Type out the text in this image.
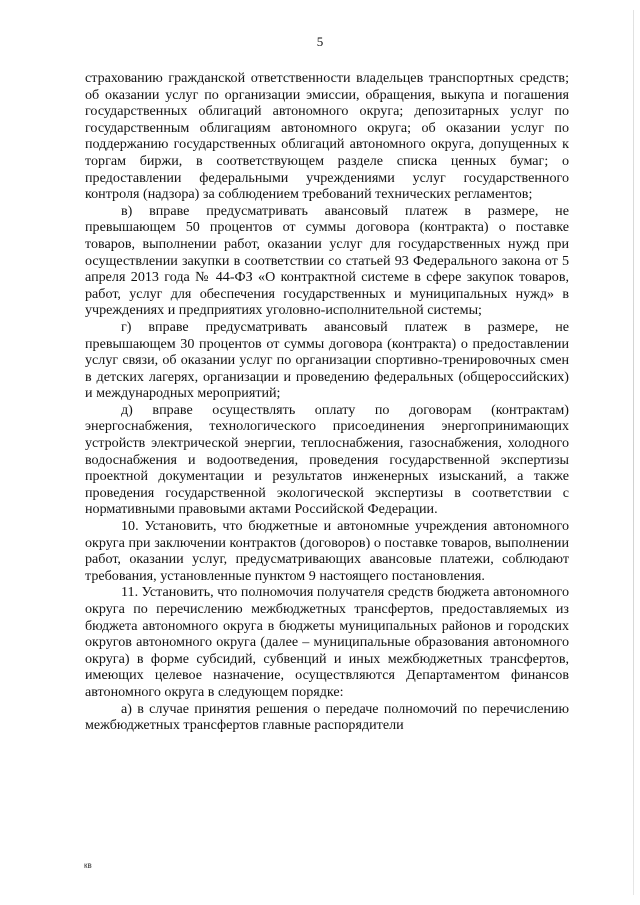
5

страхованию гражданской ответственности владельцев транспортных средств; об оказании услуг по организации эмиссии, обращения, выкупа и погашения государственных облигаций автономного округа; депозитарных услуг по государственным облигациям автономного округа; об оказании услуг по поддержанию государственных облигаций автономного округа, допущенных к торгам биржи, в соответствующем разделе списка ценных бумаг; о предоставлении федеральными учреждениями услуг государственного контроля (надзора) за соблюдением требований технических регламентов;

в) вправе предусматривать авансовый платеж в размере, не превышающем 50 процентов от суммы договора (контракта) о поставке товаров, выполнении работ, оказании услуг для государственных нужд при осуществлении закупки в соответствии со статьей 93 Федерального закона от 5 апреля 2013 года № 44-ФЗ «О контрактной системе в сфере закупок товаров, работ, услуг для обеспечения государственных и муниципальных нужд» в учреждениях и предприятиях уголовно-исполнительной системы;

г) вправе предусматривать авансовый платеж в размере, не превышающем 30 процентов от суммы договора (контракта) о предоставлении услуг связи, об оказании услуг по организации спортивно-тренировочных смен в детских лагерях, организации и проведению федеральных (общероссийских) и международных мероприятий;

д) вправе осуществлять оплату по договорам (контрактам) энергоснабжения, технологического присоединения энергопринимающих устройств электрической энергии, теплоснабжения, газоснабжения, холодного водоснабжения и водоотведения, проведения государственной экспертизы проектной документации и результатов инженерных изысканий, а также проведения государственной экологической экспертизы в соответствии с нормативными правовыми актами Российской Федерации.

10. Установить, что бюджетные и автономные учреждения автономного округа при заключении контрактов (договоров) о поставке товаров, выполнении работ, оказании услуг, предусматривающих авансовые платежи, соблюдают требования, установленные пунктом 9 настоящего постановления.

11. Установить, что полномочия получателя средств бюджета автономного округа по перечислению межбюджетных трансфертов, предоставляемых из бюджета автономного округа в бюджеты муниципальных районов и городских округов автономного округа (далее – муниципальные образования автономного округа) в форме субсидий, субвенций и иных межбюджетных трансфертов, имеющих целевое назначение, осуществляются Департаментом финансов автономного округа в следующем порядке:

а) в случае принятия решения о передаче полномочий по перечислению межбюджетных трансфертов главные распорядители

кв
